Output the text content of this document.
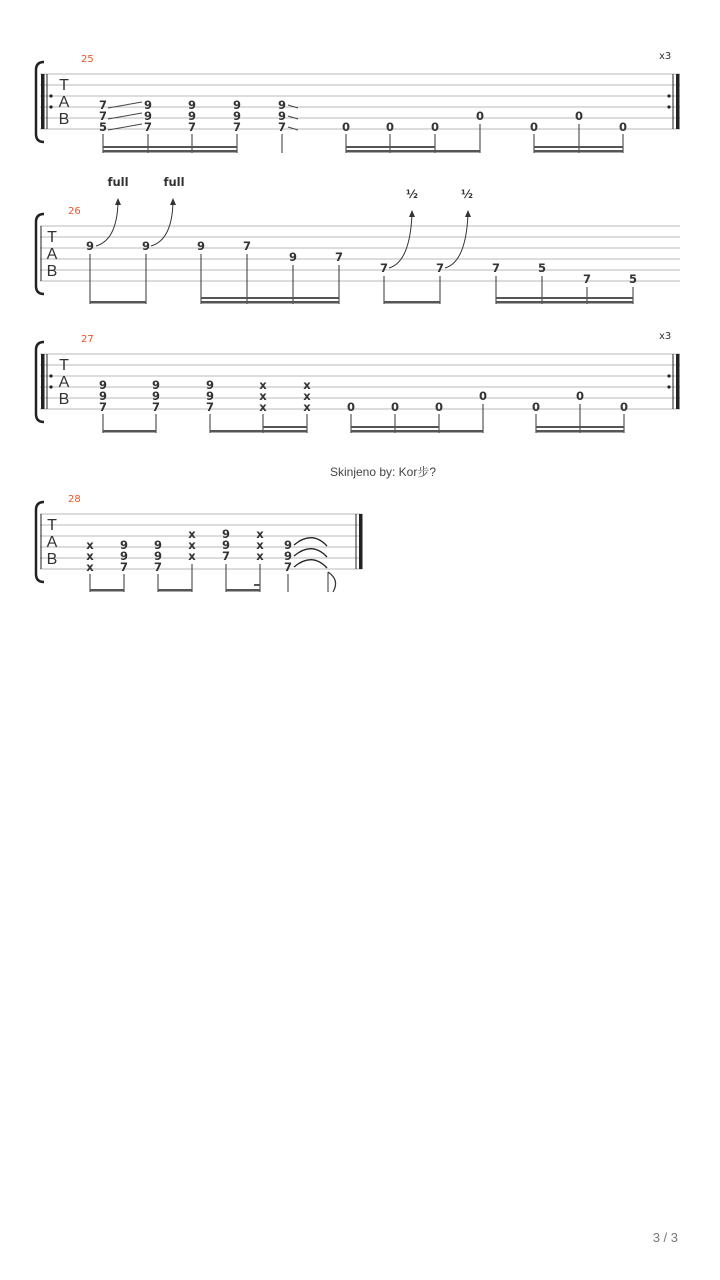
T
A
B
25	x3
7
7
5
9
9
7
9
9
7
9
9
7
9
9
7	0	0	0
0
0
0
0
T
A
B
26
full	full
½	½
9	9	9	7
9	7
7	7	7	5
7	5
T
A
B
27	x3
9
9
7
9
9
7
9
9
7
x
x
x
x
x
x	0	0	0
0
0
0
0
Skinjeno by: Kor步?
T
A
B
28
x
x
x
9
9
7
9
9
7
x
x
x
9
9
7
x
x
x
9
9
7
3 / 3
